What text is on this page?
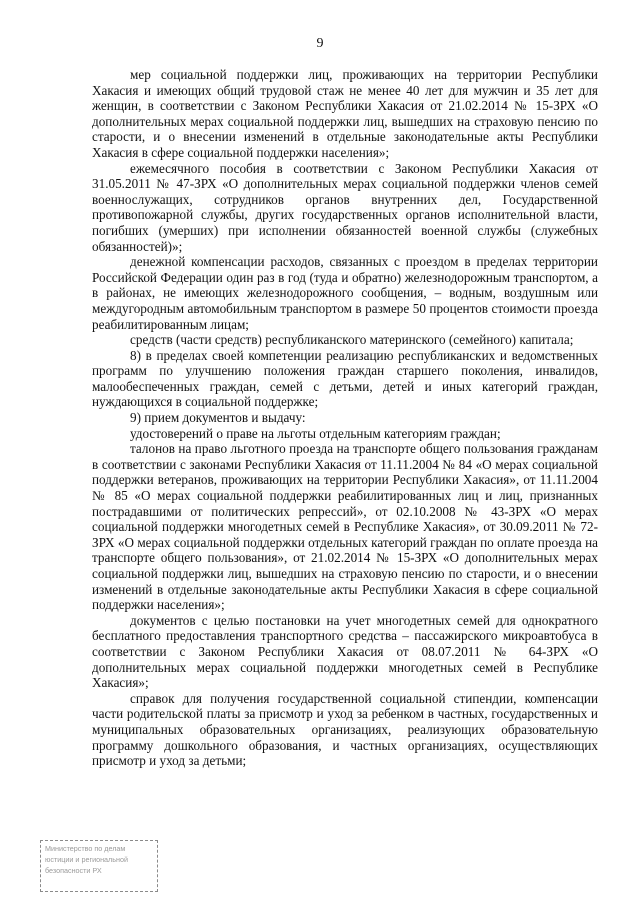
9

мер социальной поддержки лиц, проживающих на территории Республики Хакасия и имеющих общий трудовой стаж не менее 40 лет для мужчин и 35 лет для женщин, в соответствии с Законом Республики Хакасия от 21.02.2014 № 15-ЗРХ «О дополнительных мерах социальной поддержки лиц, вышедших на страховую пенсию по старости, и о внесении изменений в отдельные законодательные акты Республики Хакасия в сфере социальной поддержки населения»;

ежемесячного пособия в соответствии с Законом Республики Хакасия от 31.05.2011 № 47-ЗРХ «О дополнительных мерах социальной поддержки членов семей военнослужащих, сотрудников органов внутренних дел, Государственной противопожарной службы, других государственных органов исполнительной власти, погибших (умерших) при исполнении обязанностей военной службы (служебных обязанностей)»;

денежной компенсации расходов, связанных с проездом в пределах территории Российской Федерации один раз в год (туда и обратно) железнодорожным транспортом, а в районах, не имеющих железнодорожного сообщения, – водным, воздушным или междугородным автомобильным транспортом в размере 50 процентов стоимости проезда реабилитированным лицам;

средств (части средств) республиканского материнского (семейного) капитала;

8) в пределах своей компетенции реализацию республиканских и ведомственных программ по улучшению положения граждан старшего поколения, инвалидов, малообеспеченных граждан, семей с детьми, детей и иных категорий граждан, нуждающихся в социальной поддержке;

9) прием документов и выдачу:

удостоверений о праве на льготы отдельным категориям граждан;

талонов на право льготного проезда на транспорте общего пользования гражданам в соответствии с законами Республики Хакасия от 11.11.2004 № 84 «О мерах социальной поддержки ветеранов, проживающих на территории Республики Хакасия», от 11.11.2004 № 85 «О мерах социальной поддержки реабилитированных лиц и лиц, признанных пострадавшими от политических репрессий», от 02.10.2008 № 43-ЗРХ «О мерах социальной поддержки многодетных семей в Республике Хакасия», от 30.09.2011 № 72-ЗРХ «О мерах социальной поддержки отдельных категорий граждан по оплате проезда на транспорте общего пользования», от 21.02.2014 № 15-ЗРХ «О дополнительных мерах социальной поддержки лиц, вышедших на страховую пенсию по старости, и о внесении изменений в отдельные законодательные акты Республики Хакасия в сфере социальной поддержки населения»;

документов с целью постановки на учет многодетных семей для однократного бесплатного предоставления транспортного средства – пассажирского микроавтобуса в соответствии с Законом Республики Хакасия от 08.07.2011 № 64-ЗРХ «О дополнительных мерах социальной поддержки многодетных семей в Республике Хакасия»;

справок для получения государственной социальной стипендии, компенсации части родительской платы за присмотр и уход за ребенком в частных, государственных и муниципальных образовательных организациях, реализующих образовательную программу дошкольного образования, и частных организациях, осуществляющих присмотр и уход за детьми;

Министерство по делам
юстиции и региональной
безопасности РХ
